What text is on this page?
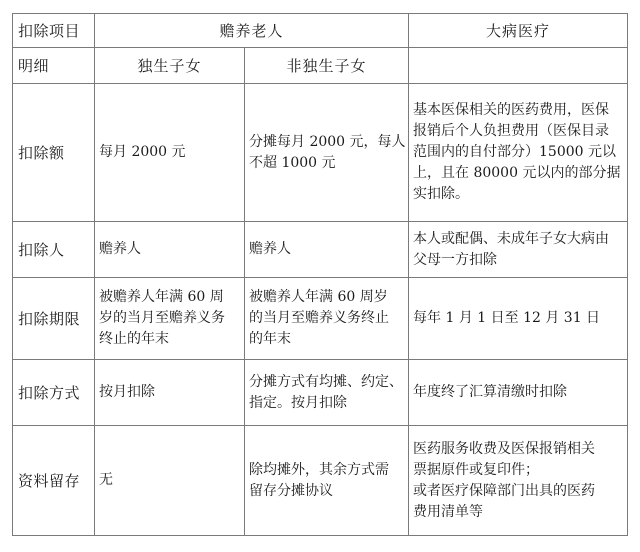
扣除项目	赡养老人		大病医疗
明细	独生子女	非独生子女	
扣除额	每月 2000 元	分摊每月 2000 元，每人
不超 1000 元	基本医保相关的医药费用，医保
报销后个人负担费用（医保目录
范围内的自付部分）15000 元以
上，且在 80000 元以内的部分据
实扣除。

扣除人	赡养人	赡养人	本人或配偶、未成年子女大病由
父母一方扣除

扣除期限	被赡养人年满 60 周
岁的当月至赡养义务
终止的年末	被赡养人年满 60 周岁
的当月至赡养义务终止
的年末	每年 1 月 1 日至 12 月 31 日

扣除方式	按月扣除	分摊方式有均摊、约定、
指定。按月扣除	年度终了汇算清缴时扣除

资料留存	无	除均摊外，其余方式需
留存分摊协议	医药服务收费及医保报销相关
票据原件或复印件；
或者医疗保障部门出具的医药
费用清单等
